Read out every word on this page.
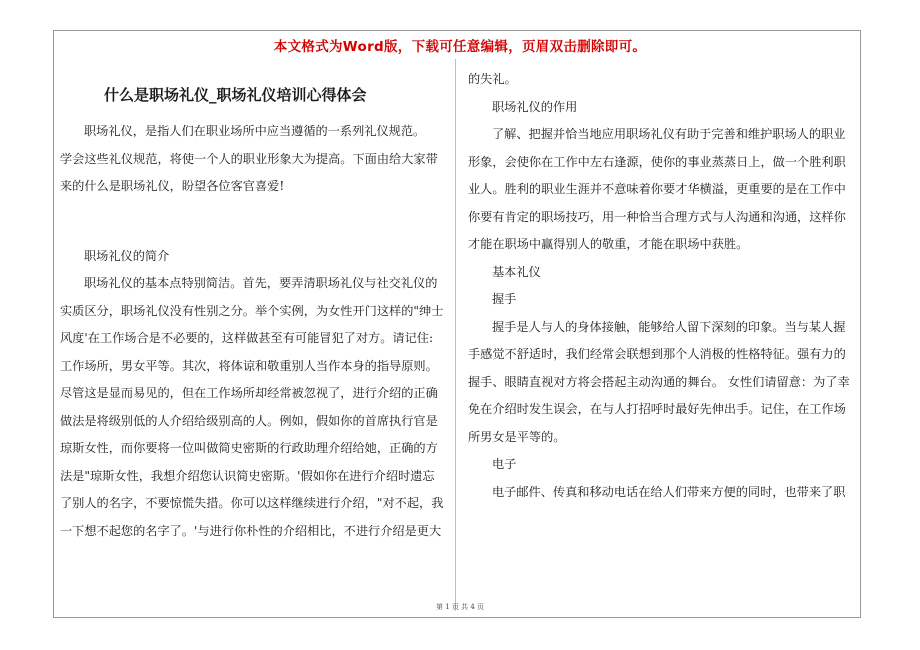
本文格式为Word版，下载可任意编辑，页眉双击删除即可。
什么是职场礼仪_职场礼仪培训心得体会
职场礼仪，是指人们在职业场所中应当遵循的一系列礼仪规范。
学会这些礼仪规范，将使一个人的职业形象大为提高。下面由给大家带
来的什么是职场礼仪，盼望各位客官喜爱!
职场礼仪的简介
职场礼仪的基本点特别简洁。首先，要弄清职场礼仪与社交礼仪的
实质区分，职场礼仪没有性别之分。举个实例，为女性开门这样的"绅士
风度'在工作场合是不必要的，这样做甚至有可能冒犯了对方。请记住:
工作场所，男女平等。其次，将体谅和敬重别人当作本身的指导原则。
尽管这是显而易见的，但在工作场所却经常被忽视了，进行介绍的正确
做法是将级别低的人介绍给级别高的人。例如，假如你的首席执行官是
琼斯女性，而你要将一位叫做简史密斯的行政助理介绍给她，正确的方
法是"琼斯女性，我想介绍您认识简史密斯。'假如你在进行介绍时遗忘
了别人的名字，不要惊慌失措。你可以这样继续进行介绍，"对不起，我
一下想不起您的名字了。'与进行你朴性的介绍相比，不进行介绍是更大
的失礼。
职场礼仪的作用
了解、把握并恰当地应用职场礼仪有助于完善和维护职场人的职业
形象，会使你在工作中左右逢源，使你的事业蒸蒸日上，做一个胜利职
业人。胜利的职业生涯并不意味着你要才华横溢，更重要的是在工作中
你要有肯定的职场技巧，用一种恰当合理方式与人沟通和沟通，这样你
才能在职场中赢得别人的敬重，才能在职场中获胜。
基本礼仪
握手
握手是人与人的身体接触，能够给人留下深刻的印象。当与某人握
手感觉不舒适时，我们经常会联想到那个人消极的性格特征。强有力的
握手、眼睛直视对方将会搭起主动沟通的舞台。 女性们请留意：为了幸
免在介绍时发生误会，在与人打招呼时最好先伸出手。记住，在工作场
所男女是平等的。
电子
电子邮件、传真和移动电话在给人们带来方便的同时，也带来了职
第 1 页 共 4 页
